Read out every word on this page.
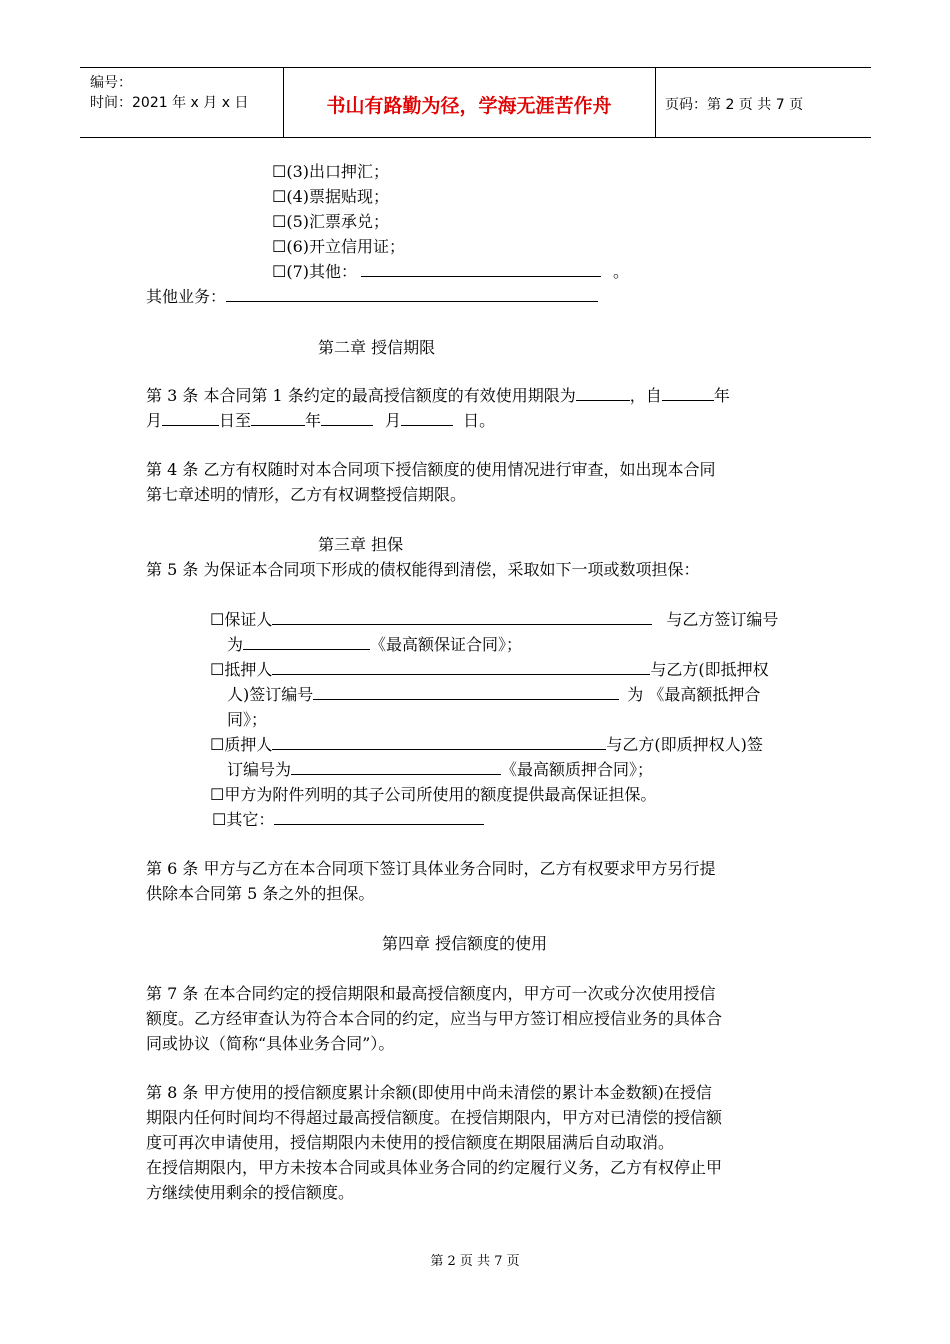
编号：
时间：2021 年 x 月 x 日	书山有路勤为径，学海无涯苦作舟	页码：第 2 页 共 7 页
☐(3)出口押汇；
☐(4)票据贴现；
☐(5)汇票承兑；
☐(6)开立信用证；
☐(7)其他：	。
其他业务：
第二章 授信期限
第 3 条 本合同第 1 条约定的最高授信额度的有效使用期限为	，自	年
月	日至	年	月	日。
第 4 条 乙方有权随时对本合同项下授信额度的使用情况进行审查，如出现本合同
第七章述明的情形，乙方有权调整授信期限。
第三章 担保
第 5 条 为保证本合同项下形成的债权能得到清偿，采取如下一项或数项担保：
☐保证人	与乙方签订编号
为	《最高额保证合同》；
☐抵押人	与乙方(即抵押权
人)签订编号	为 《最高额抵押合
同》；
☐质押人	与乙方(即质押权人)签
订编号为	《最高额质押合同》；
☐甲方为附件列明的其子公司所使用的额度提供最高保证担保。
☐其它：
第 6 条 甲方与乙方在本合同项下签订具体业务合同时，乙方有权要求甲方另行提
供除本合同第 5 条之外的担保。
第四章 授信额度的使用
第 7 条 在本合同约定的授信期限和最高授信额度内，甲方可一次或分次使用授信
额度。乙方经审查认为符合本合同的约定，应当与甲方签订相应授信业务的具体合
同或协议（简称“具体业务合同”）。
第 8 条 甲方使用的授信额度累计余额(即使用中尚未清偿的累计本金数额)在授信
期限内任何时间均不得超过最高授信额度。在授信期限内，甲方对已清偿的授信额
度可再次申请使用，授信期限内未使用的授信额度在期限届满后自动取消。
在授信期限内，甲方未按本合同或具体业务合同的约定履行义务，乙方有权停止甲
方继续使用剩余的授信额度。
第 2 页 共 7 页
